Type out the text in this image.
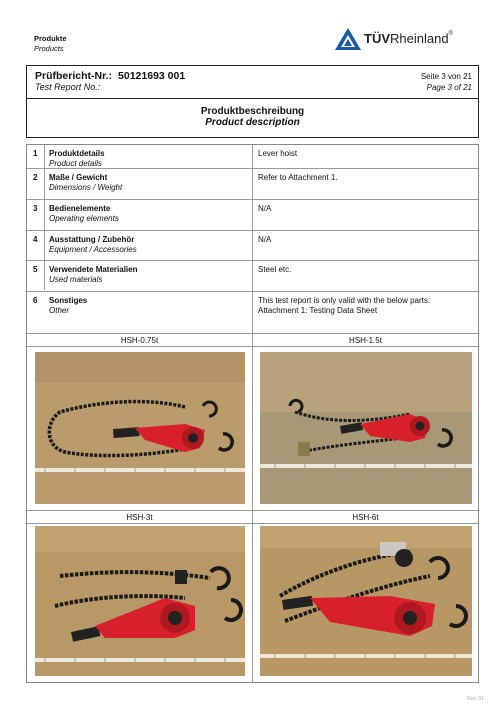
Produkte
Products
TÜVRheinland®
Prüfbericht-Nr.: 50121693 001
Test Report No.:
Seite 3 von 21
Page 3 of 21
Produktbeschreibung
Product description
1 Produktdetails
Product details
Lever hoist
2 Maße / Gewicht
Dimensions / Weight
Refer to Attachment 1.
3 Bedienelemente
Operating elements
N/A
4 Ausstattung / Zubehör
Equipment / Accessories
N/A
5 Verwendete Materialien
Used materials
Steel etc.
6 Sonstiges
Other
This test report is only valid with the below parts:
Attachment 1: Testing Data Sheet
HSH-0.75t	HSH-1.5t
HSH-3t	HSH-6t
Rev. 01
